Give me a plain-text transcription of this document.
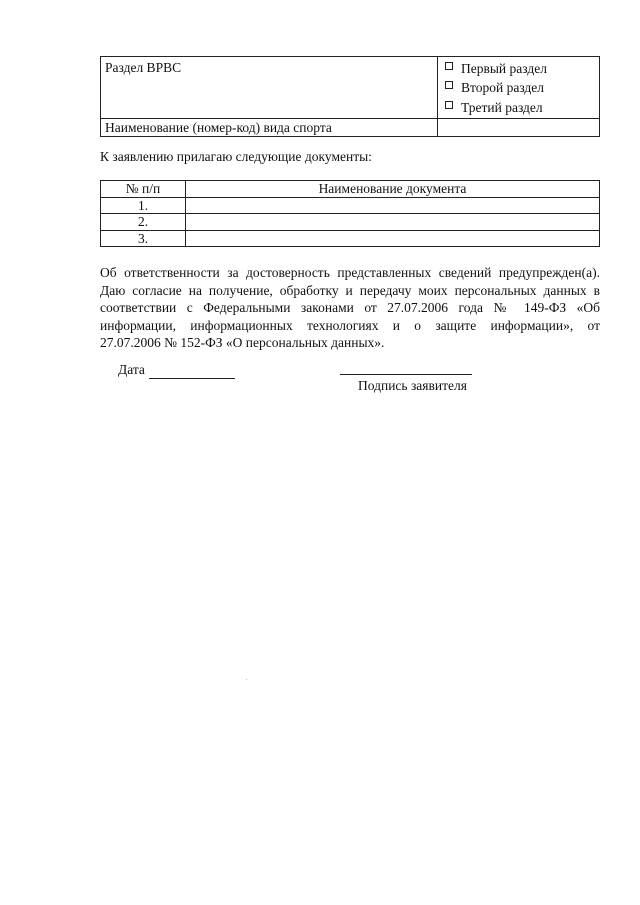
Раздел ВРВС	Первый раздел
Второй раздел
Третий раздел

Наименование (номер-код) вида спорта	
К заявлению прилагаю следующие документы:
№ п/п	Наименование документа
1.	
2.	
3.	
Об ответственности за достоверность представленных сведений предупрежден(а).
Даю согласие на получение, обработку и передачу моих персональных данных в
соответствии с Федеральными законами от 27.07.2006 года № 149-ФЗ «Об
информации, информационных технологиях и о защите информации», от
27.07.2006 № 152-ФЗ «О персональных данных».
Дата
Подпись заявителя
